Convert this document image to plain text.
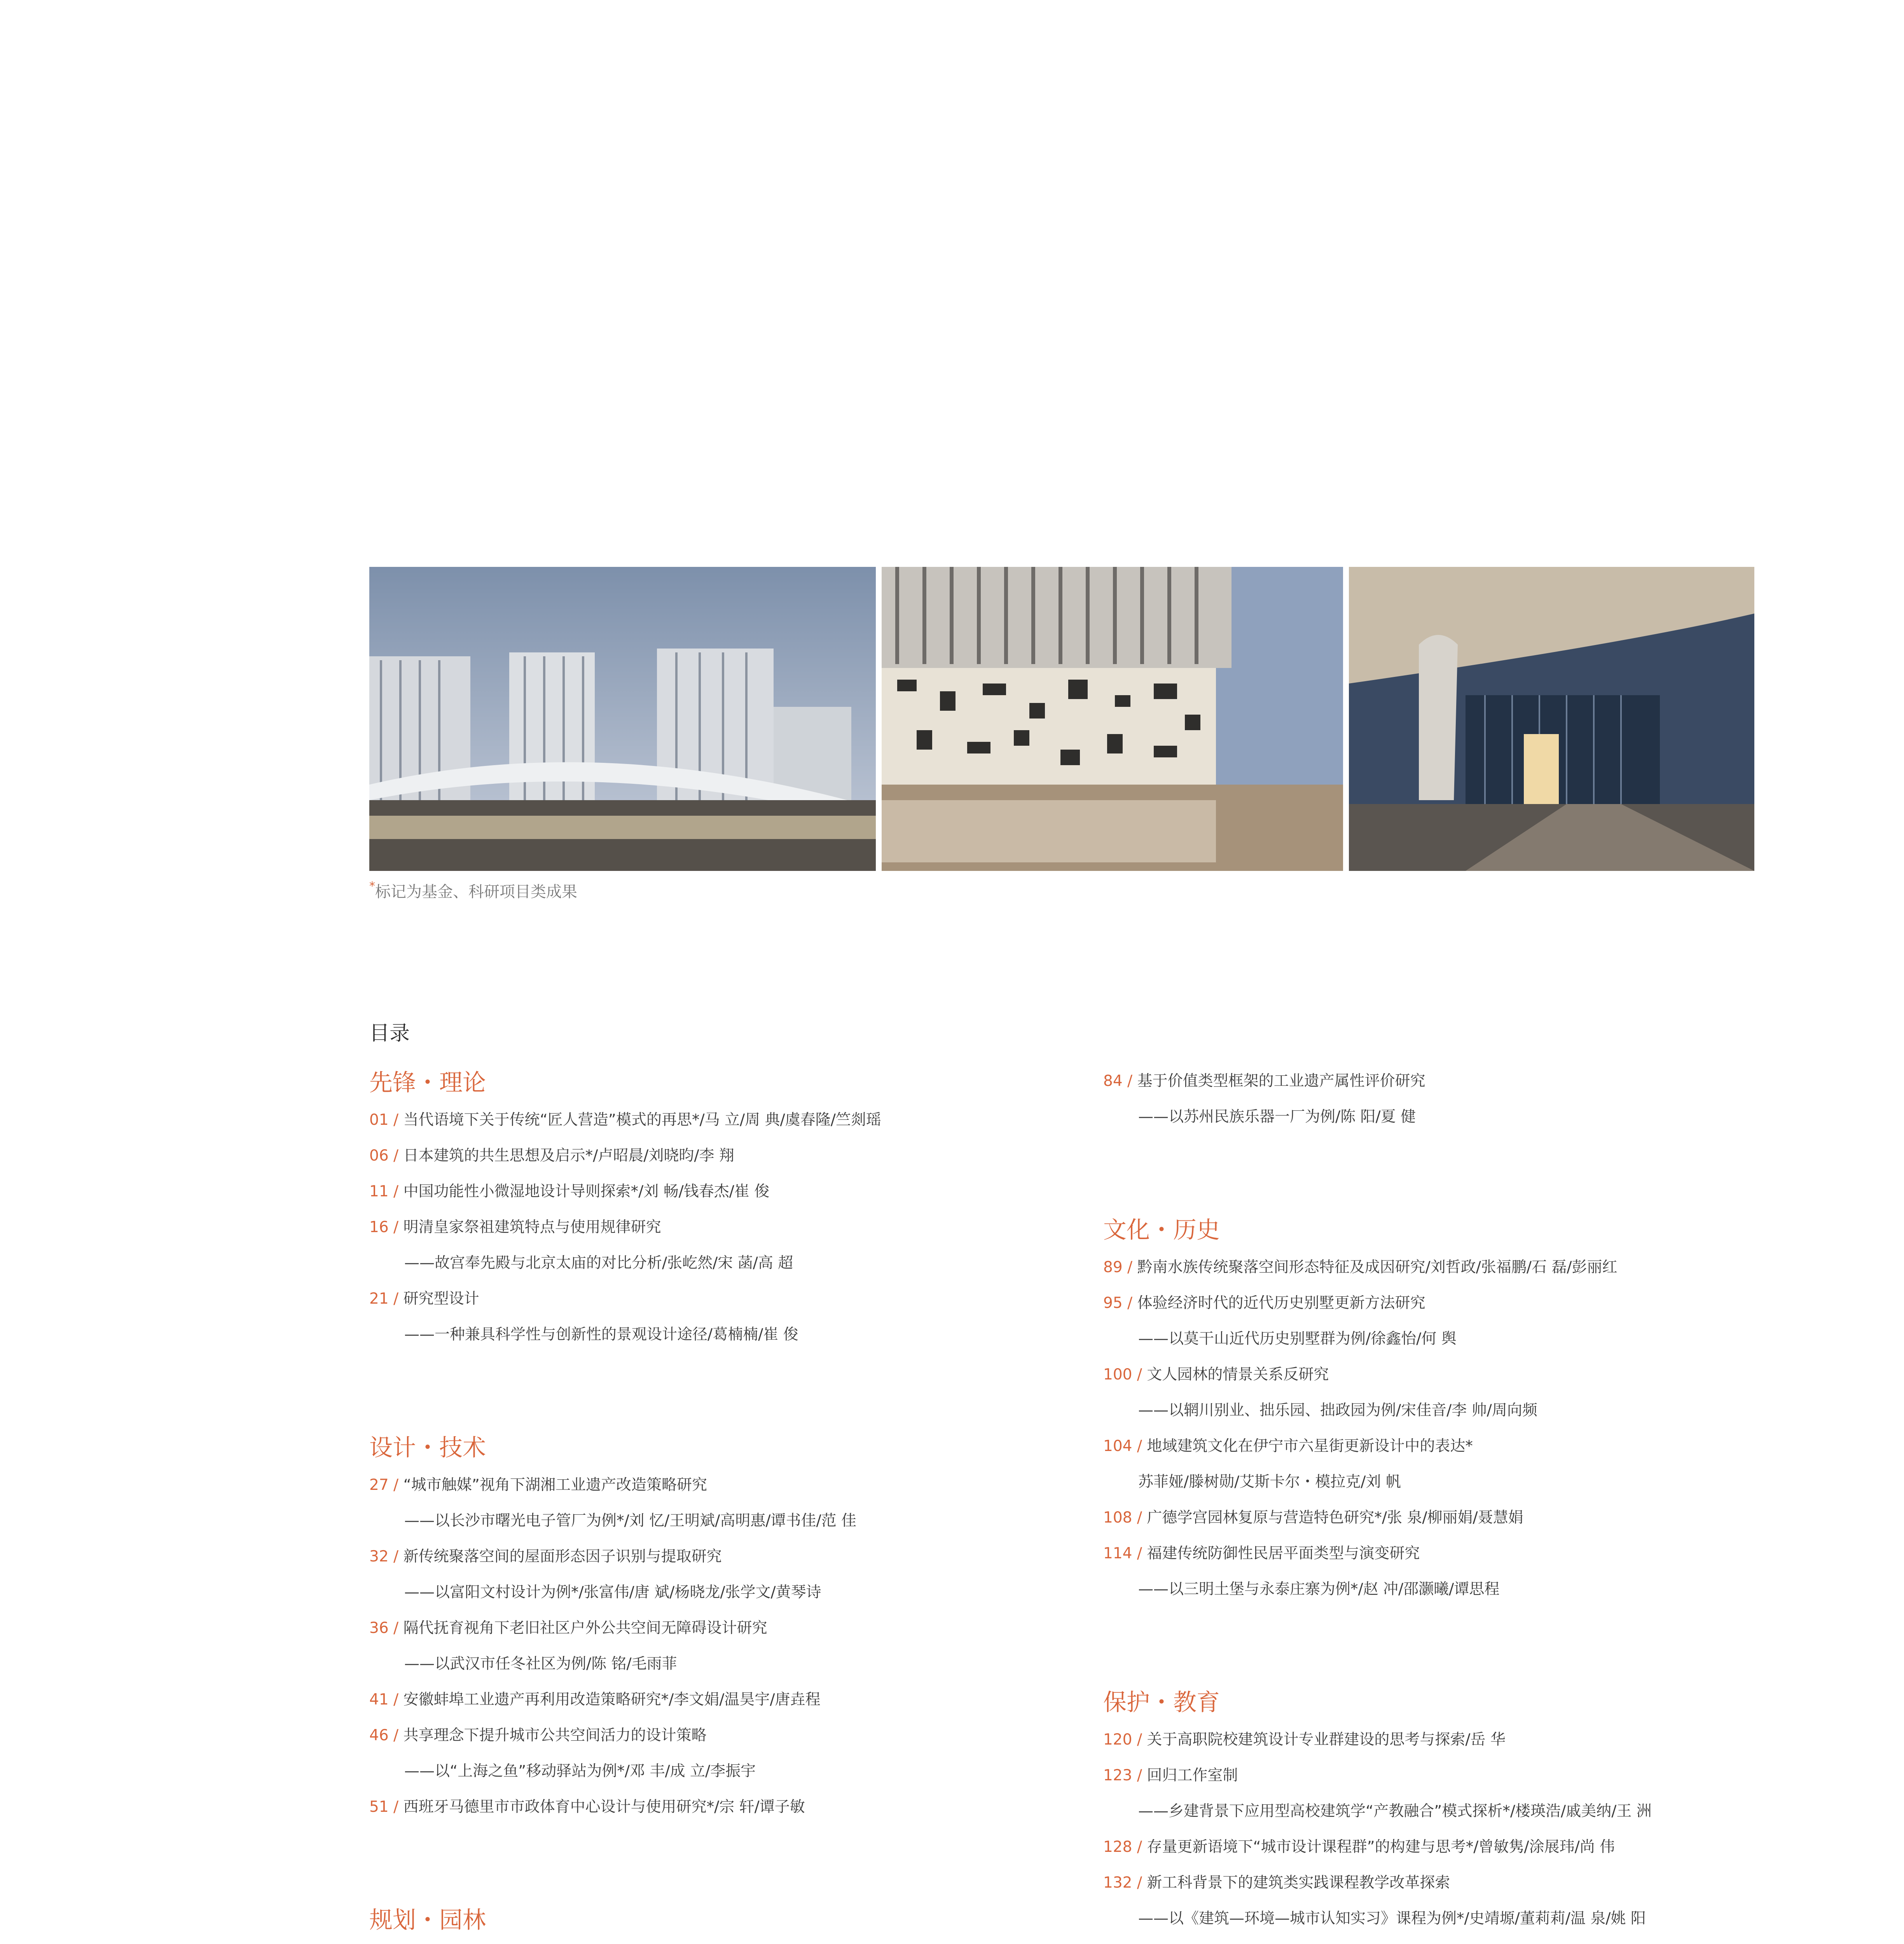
*标记为基金、科研项目类成果
目录
先锋・理论
01 / 当代语境下关于传统“匠人营造”模式的再思*/马 立/周 典/虞春隆/竺剡瑶
06 / 日本建筑的共生思想及启示*/卢昭晨/刘晓昀/李 翔
11 / 中国功能性小微湿地设计导则探索*/刘 畅/钱春杰/崔 俊
16 / 明清皇家祭祖建筑特点与使用规律研究
——故宫奉先殿与北京太庙的对比分析/张屹然/宋 菡/高 超
21 / 研究型设计
——一种兼具科学性与创新性的景观设计途径/葛楠楠/崔 俊
设计・技术
27 / “城市触媒”视角下湖湘工业遗产改造策略研究
——以长沙市曙光电子管厂为例*/刘 忆/王明斌/高明惠/谭书佳/范 佳
32 / 新传统聚落空间的屋面形态因子识别与提取研究
——以富阳文村设计为例*/张富伟/唐 斌/杨晓龙/张学文/黄琴诗
36 / 隔代抚育视角下老旧社区户外公共空间无障碍设计研究
——以武汉市任冬社区为例/陈 铭/毛雨菲
41 / 安徽蚌埠工业遗产再利用改造策略研究*/李文娟/温昊宇/唐垚程
46 / 共享理念下提升城市公共空间活力的设计策略
——以“上海之鱼”移动驿站为例*/邓 丰/成 立/李振宇
51 / 西班牙马德里市市政体育中心设计与使用研究*/宗 轩/谭子敏
规划・园林
84 / 基于价值类型框架的工业遗产属性评价研究
——以苏州民族乐器一厂为例/陈 阳/夏 健
文化・历史
89 / 黔南水族传统聚落空间形态特征及成因研究/刘哲政/张福鹏/石 磊/彭丽红
95 / 体验经济时代的近代历史别墅更新方法研究
——以莫干山近代历史别墅群为例/徐鑫怡/何 舆
100 / 文人园林的情景关系反研究
——以辋川别业、拙乐园、拙政园为例/宋佳音/李 帅/周向频
104 / 地域建筑文化在伊宁市六星街更新设计中的表达*
苏菲娅/滕树勋/艾斯卡尔・模拉克/刘 帆
108 / 广德学宫园林复原与营造特色研究*/张 泉/柳丽娟/聂慧娟
114 / 福建传统防御性民居平面类型与演变研究
——以三明土堡与永泰庄寨为例*/赵 冲/邵灏曦/谭思程
保护・教育
120 / 关于高职院校建筑设计专业群建设的思考与探索/岳 华
123 / 回归工作室制
——乡建背景下应用型高校建筑学“产教融合”模式探析*/楼瑛浩/戚美纳/王 洲
128 / 存量更新语境下“城市设计课程群”的构建与思考*/曾敏隽/涂展玮/尚 伟
132 / 新工科背景下的建筑类实践课程教学改革探索
——以《建筑—环境—城市认知实习》课程为例*/史靖塬/董莉莉/温 泉/姚 阳
